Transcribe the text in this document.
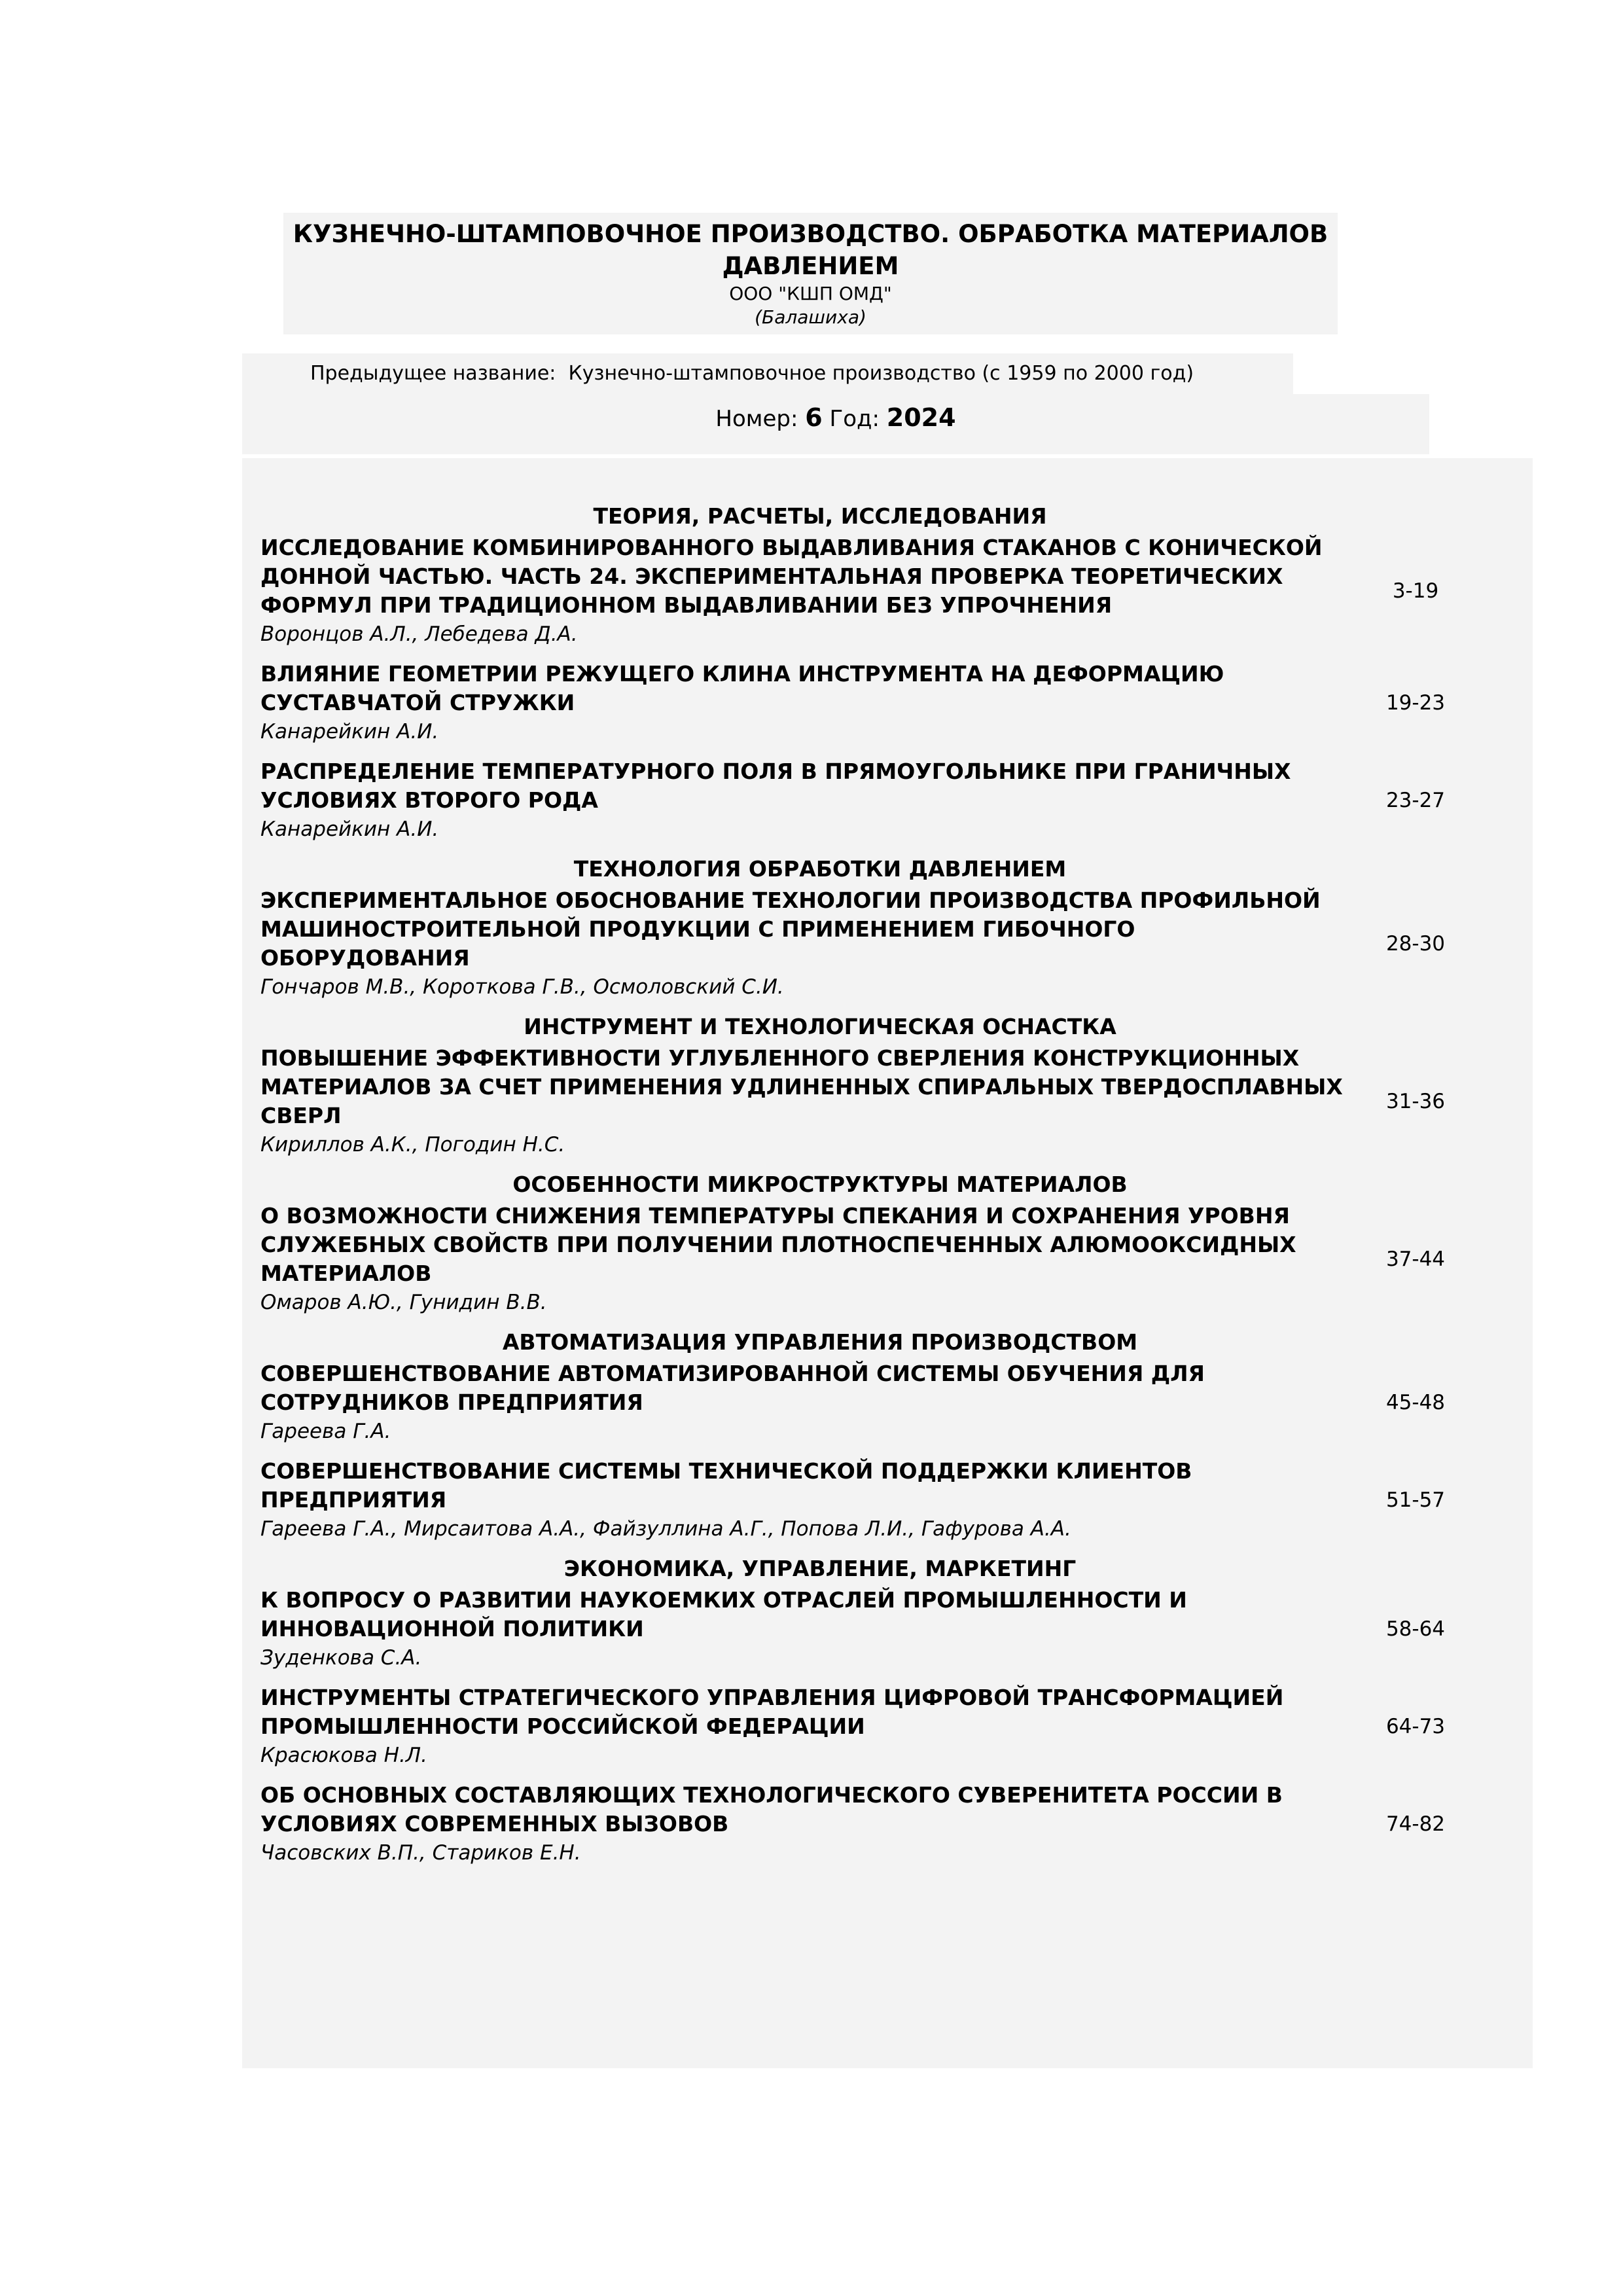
КУЗНЕЧНО-ШТАМПОВОЧНОЕ ПРОИЗВОДСТВО. ОБРАБОТКА МАТЕРИАЛОВ ДАВЛЕНИЕМ
ООО "КШП ОМД"
(Балашиха)
Предыдущее название: Кузнечно-штамповочное производство (с 1959 по 2000 год)
Номер: 6 Год: 2024
ТЕОРИЯ, РАСЧЕТЫ, ИССЛЕДОВАНИЯ
ИССЛЕДОВАНИЕ КОМБИНИРОВАННОГО ВЫДАВЛИВАНИЯ СТАКАНОВ С КОНИЧЕСКОЙ ДОННОЙ ЧАСТЬЮ. ЧАСТЬ 24. ЭКСПЕРИМЕНТАЛЬНАЯ ПРОВЕРКА ТЕОРЕТИЧЕСКИХ ФОРМУЛ ПРИ ТРАДИЦИОННОМ ВЫДАВЛИВАНИИ БЕЗ УПРОЧНЕНИЯ
Воронцов А.Л., Лебедева Д.А.
3-19
ВЛИЯНИЕ ГЕОМЕТРИИ РЕЖУЩЕГО КЛИНА ИНСТРУМЕНТА НА ДЕФОРМАЦИЮ СУСТАВЧАТОЙ СТРУЖКИ
Канарейкин А.И.
19-23
РАСПРЕДЕЛЕНИЕ ТЕМПЕРАТУРНОГО ПОЛЯ В ПРЯМОУГОЛЬНИКЕ ПРИ ГРАНИЧНЫХ УСЛОВИЯХ ВТОРОГО РОДА
Канарейкин А.И.
23-27
ТЕХНОЛОГИЯ ОБРАБОТКИ ДАВЛЕНИЕМ
ЭКСПЕРИМЕНТАЛЬНОЕ ОБОСНОВАНИЕ ТЕХНОЛОГИИ ПРОИЗВОДСТВА ПРОФИЛЬНОЙ МАШИНОСТРОИТЕЛЬНОЙ ПРОДУКЦИИ С ПРИМЕНЕНИЕМ ГИБОЧНОГО ОБОРУДОВАНИЯ
Гончаров М.В., Короткова Г.В., Осмоловский С.И.
28-30
ИНСТРУМЕНТ И ТЕХНОЛОГИЧЕСКАЯ ОСНАСТКА
ПОВЫШЕНИЕ ЭФФЕКТИВНОСТИ УГЛУБЛЕННОГО СВЕРЛЕНИЯ КОНСТРУКЦИОННЫХ МАТЕРИАЛОВ ЗА СЧЕТ ПРИМЕНЕНИЯ УДЛИНЕННЫХ СПИРАЛЬНЫХ ТВЕРДОСПЛАВНЫХ СВЕРЛ
Кириллов А.К., Погодин Н.С.
31-36
ОСОБЕННОСТИ МИКРОСТРУКТУРЫ МАТЕРИАЛОВ
О ВОЗМОЖНОСТИ СНИЖЕНИЯ ТЕМПЕРАТУРЫ СПЕКАНИЯ И СОХРАНЕНИЯ УРОВНЯ СЛУЖЕБНЫХ СВОЙСТВ ПРИ ПОЛУЧЕНИИ ПЛОТНОСПЕЧЕННЫХ АЛЮМООКСИДНЫХ МАТЕРИАЛОВ
Омаров А.Ю., Гунидин В.В.
37-44
АВТОМАТИЗАЦИЯ УПРАВЛЕНИЯ ПРОИЗВОДСТВОМ
СОВЕРШЕНСТВОВАНИЕ АВТОМАТИЗИРОВАННОЙ СИСТЕМЫ ОБУЧЕНИЯ ДЛЯ СОТРУДНИКОВ ПРЕДПРИЯТИЯ
Гареева Г.А.
45-48
СОВЕРШЕНСТВОВАНИЕ СИСТЕМЫ ТЕХНИЧЕСКОЙ ПОДДЕРЖКИ КЛИЕНТОВ ПРЕДПРИЯТИЯ
Гареева Г.А., Мирсаитова А.А., Файзуллина А.Г., Попова Л.И., Гафурова А.А.
51-57
ЭКОНОМИКА, УПРАВЛЕНИЕ, МАРКЕТИНГ
К ВОПРОСУ О РАЗВИТИИ НАУКОЕМКИХ ОТРАСЛЕЙ ПРОМЫШЛЕННОСТИ И ИННОВАЦИОННОЙ ПОЛИТИКИ
Зуденкова С.А.
58-64
ИНСТРУМЕНТЫ СТРАТЕГИЧЕСКОГО УПРАВЛЕНИЯ ЦИФРОВОЙ ТРАНСФОРМАЦИЕЙ ПРОМЫШЛЕННОСТИ РОССИЙСКОЙ ФЕДЕРАЦИИ
Красюкова Н.Л.
64-73
ОБ ОСНОВНЫХ СОСТАВЛЯЮЩИХ ТЕХНОЛОГИЧЕСКОГО СУВЕРЕНИТЕТА РОССИИ В УСЛОВИЯХ СОВРЕМЕННЫХ ВЫЗОВОВ
Часовских В.П., Стариков Е.Н.
74-82
